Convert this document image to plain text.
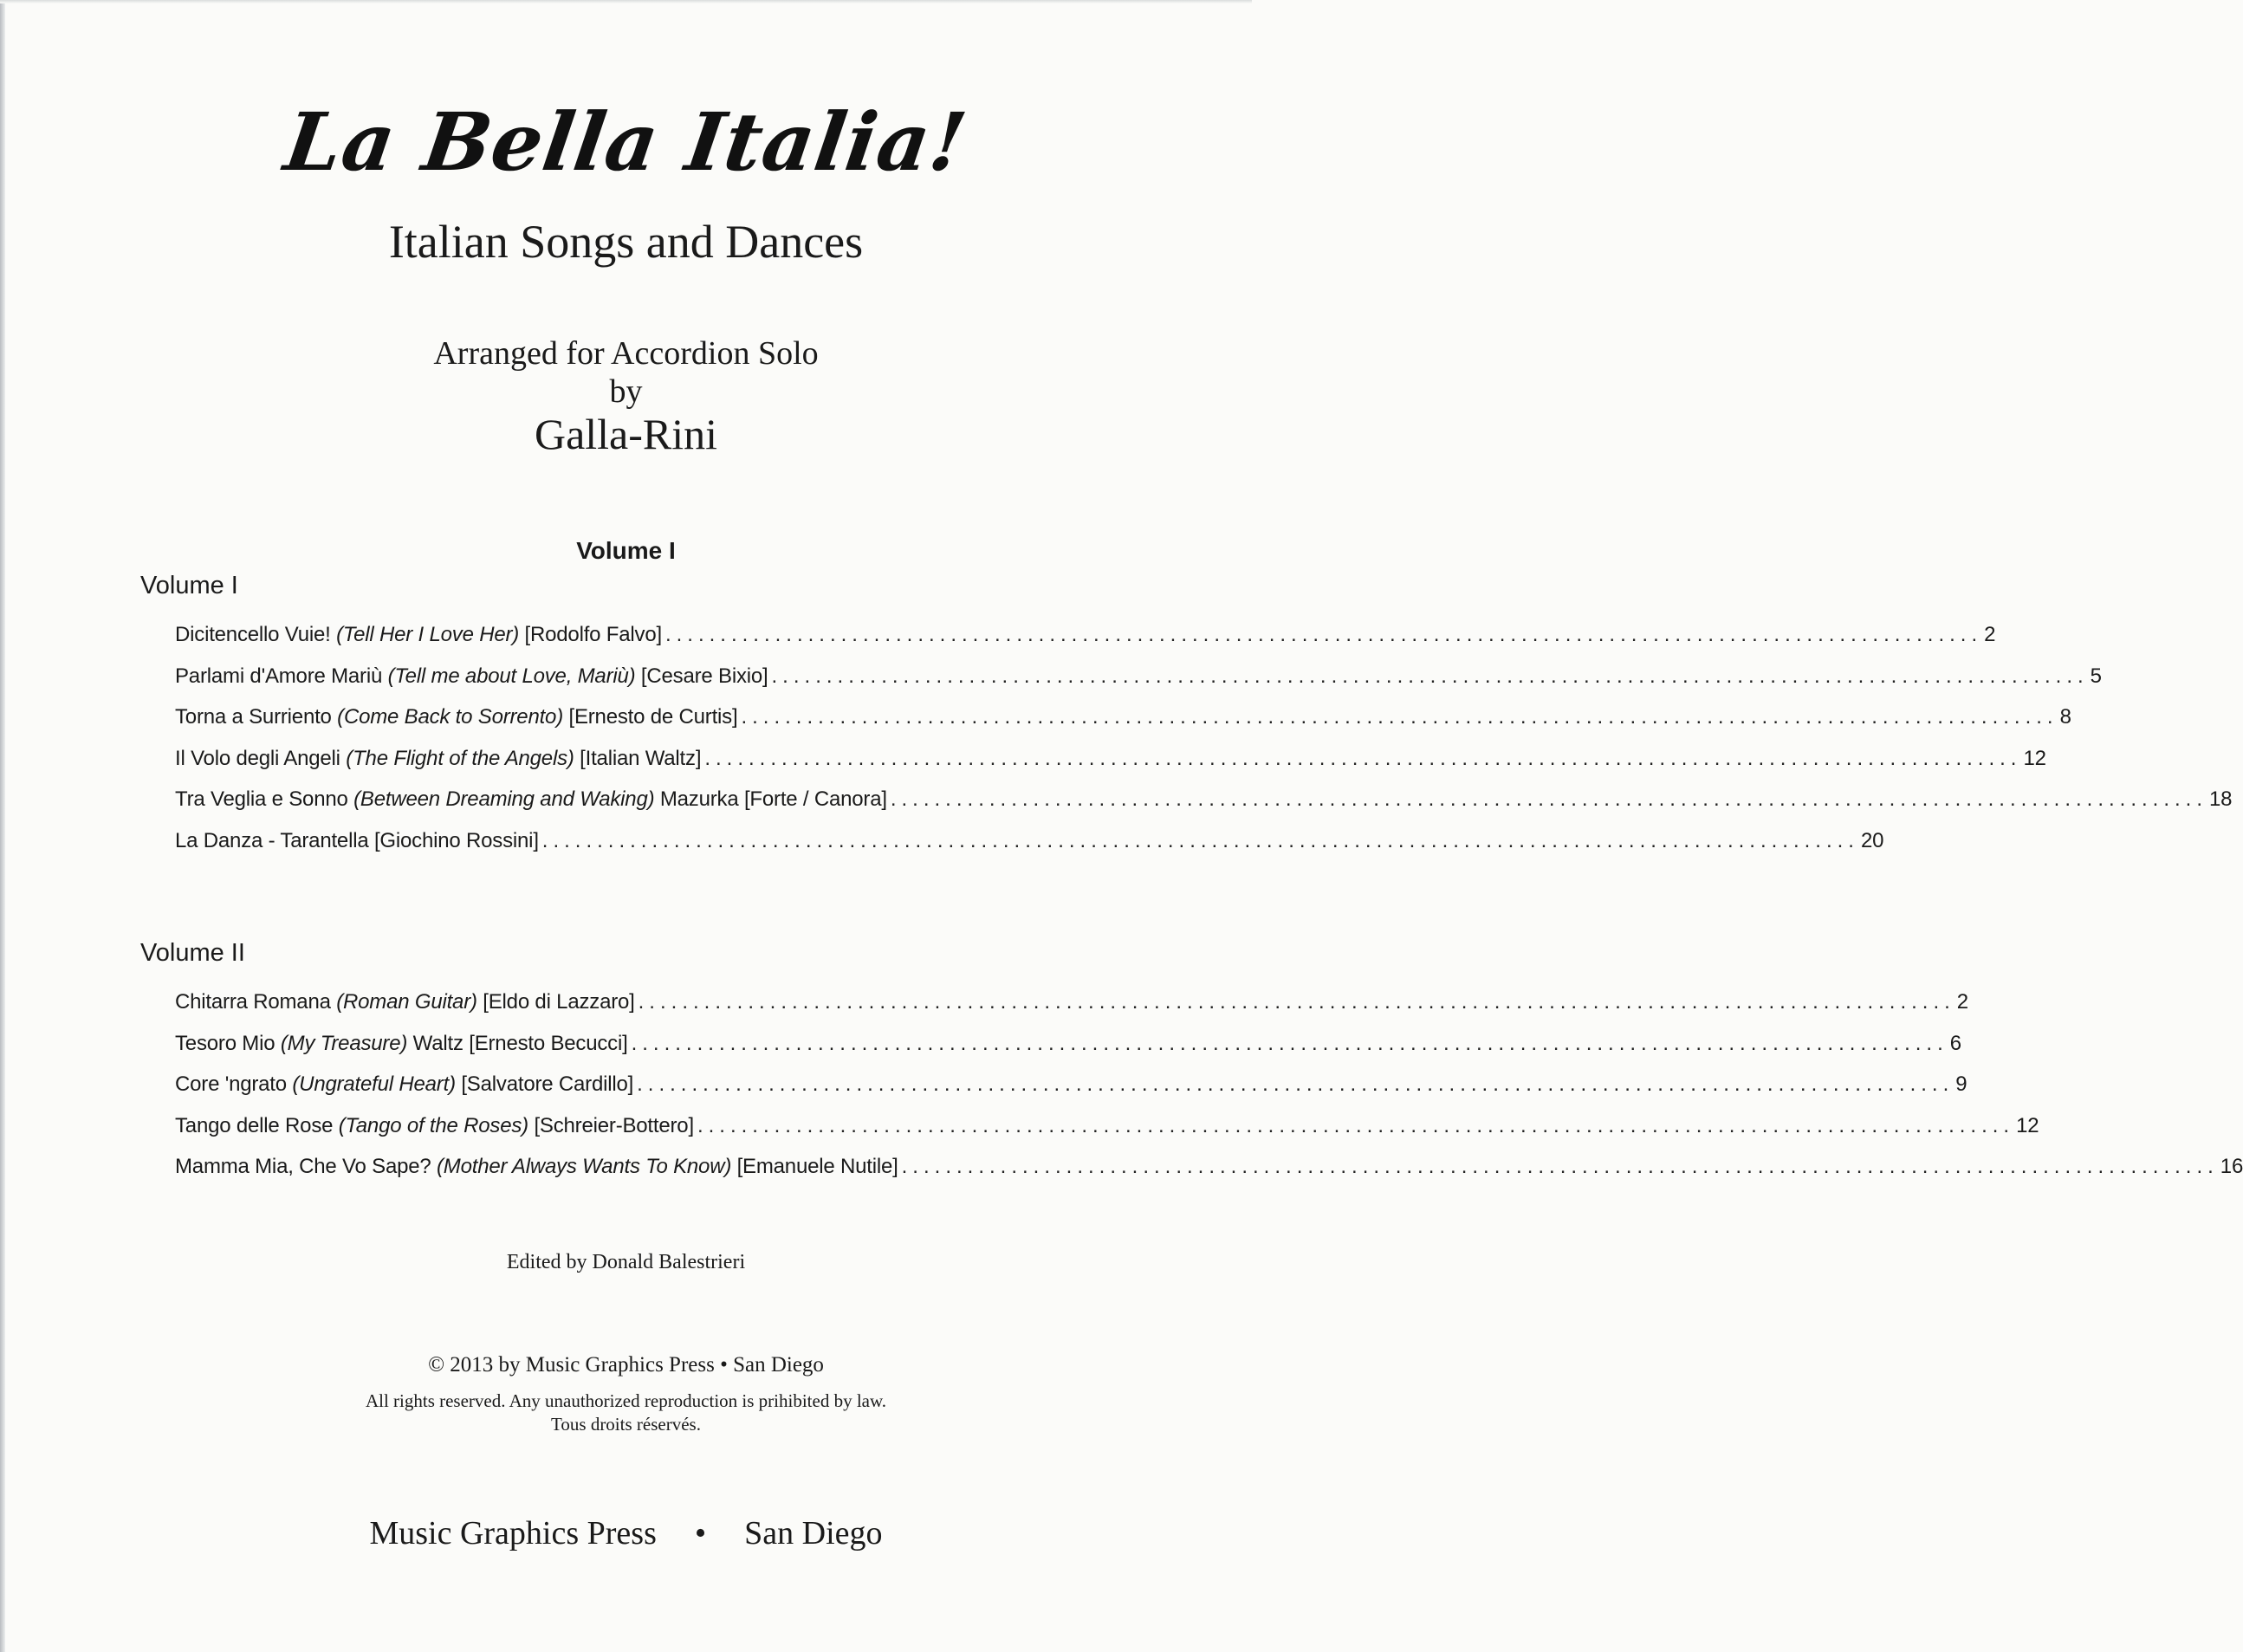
La Bella Italia!
Italian Songs and Dances
Arranged for Accordion Solo
by
Galla-Rini
Volume I
Volume I
Dicitencello Vuie! (Tell Her I Love Her) [Rodolfo Falvo] ........................................................................................................................ 2
Parlami d'Amore Mariù (Tell me about Love, Mariù) [Cesare Bixio] ........................................................................................................................ 5
Torna a Surriento (Come Back to Sorrento) [Ernesto de Curtis] ........................................................................................................................ 8
Il Volo degli Angeli (The Flight of the Angels) [Italian Waltz] ........................................................................................................................ 12
Tra Veglia e Sonno (Between Dreaming and Waking) Mazurka [Forte / Canora] ........................................................................................................................ 18
La Danza - Tarantella [Giochino Rossini] ........................................................................................................................ 20
Volume II
Chitarra Romana (Roman Guitar) [Eldo di Lazzaro] ........................................................................................................................ 2
Tesoro Mio (My Treasure) Waltz [Ernesto Becucci] ........................................................................................................................ 6
Core 'ngrato (Ungrateful Heart) [Salvatore Cardillo] ........................................................................................................................ 9
Tango delle Rose (Tango of the Roses) [Schreier-Bottero] ........................................................................................................................ 12
Mamma Mia, Che Vo Sape? (Mother Always Wants To Know) [Emanuele Nutile] ........................................................................................................................ 16
Edited by Donald Balestrieri
© 2013 by Music Graphics Press • San Diego
All rights reserved. Any unauthorized reproduction is prihibited by law.
Tous droits réservés.
Music Graphics Press • San Diego
